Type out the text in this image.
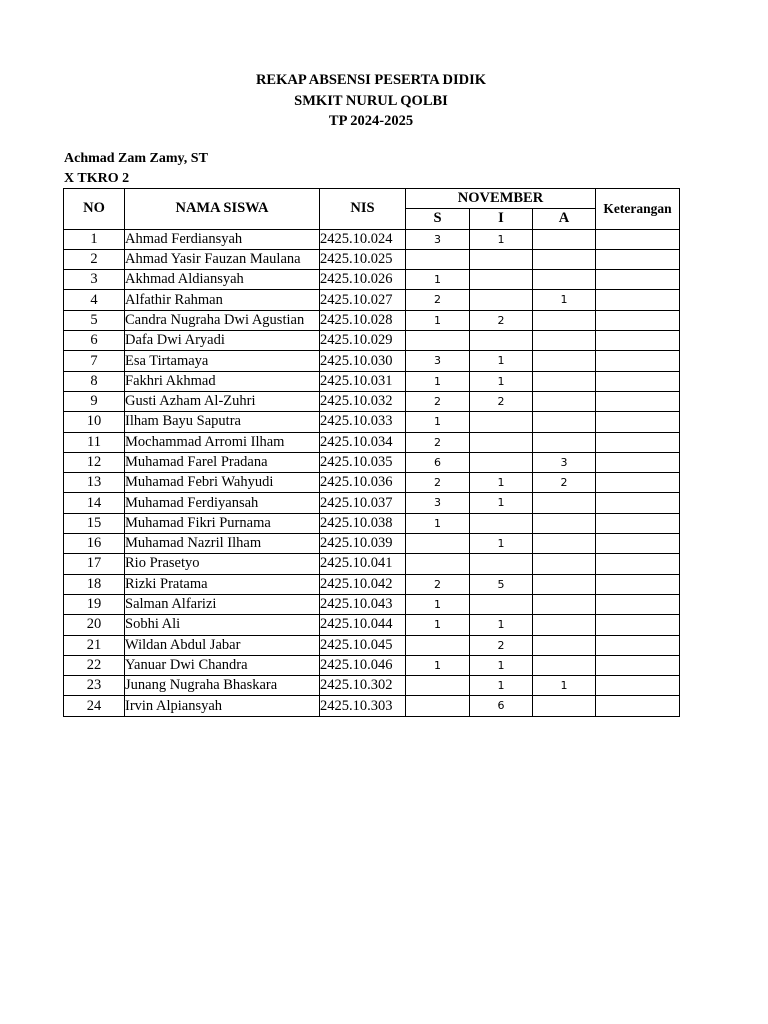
REKAP ABSENSI PESERTA DIDIK
SMKIT NURUL QOLBI
TP 2024-2025
Achmad Zam Zamy, ST
X TKRO 2
NO	NAMA SISWA	NIS	NOVEMBER			Keterangan
			S	I	A	
1	Ahmad Ferdiansyah	2425.10.024	3	1		
2	Ahmad Yasir Fauzan Maulana	2425.10.025				
3	Akhmad Aldiansyah	2425.10.026	1			
4	Alfathir Rahman	2425.10.027	2		1	
5	Candra Nugraha Dwi Agustian	2425.10.028	1	2		
6	Dafa Dwi Aryadi	2425.10.029				
7	Esa Tirtamaya	2425.10.030	3	1		
8	Fakhri Akhmad	2425.10.031	1	1		
9	Gusti Azham Al-Zuhri	2425.10.032	2	2		
10	Ilham Bayu Saputra	2425.10.033	1			
11	Mochammad Arromi Ilham	2425.10.034	2			
12	Muhamad Farel Pradana	2425.10.035	6		3	
13	Muhamad Febri Wahyudi	2425.10.036	2	1	2	
14	Muhamad Ferdiyansah	2425.10.037	3	1		
15	Muhamad Fikri Purnama	2425.10.038	1			
16	Muhamad Nazril Ilham	2425.10.039		1		
17	Rio Prasetyo	2425.10.041				
18	Rizki Pratama	2425.10.042	2	5		
19	Salman Alfarizi	2425.10.043	1			
20	Sobhi Ali	2425.10.044	1	1		
21	Wildan Abdul Jabar	2425.10.045		2		
22	Yanuar Dwi Chandra	2425.10.046	1	1		
23	Junang Nugraha Bhaskara	2425.10.302		1	1	
24	Irvin Alpiansyah	2425.10.303		6		
